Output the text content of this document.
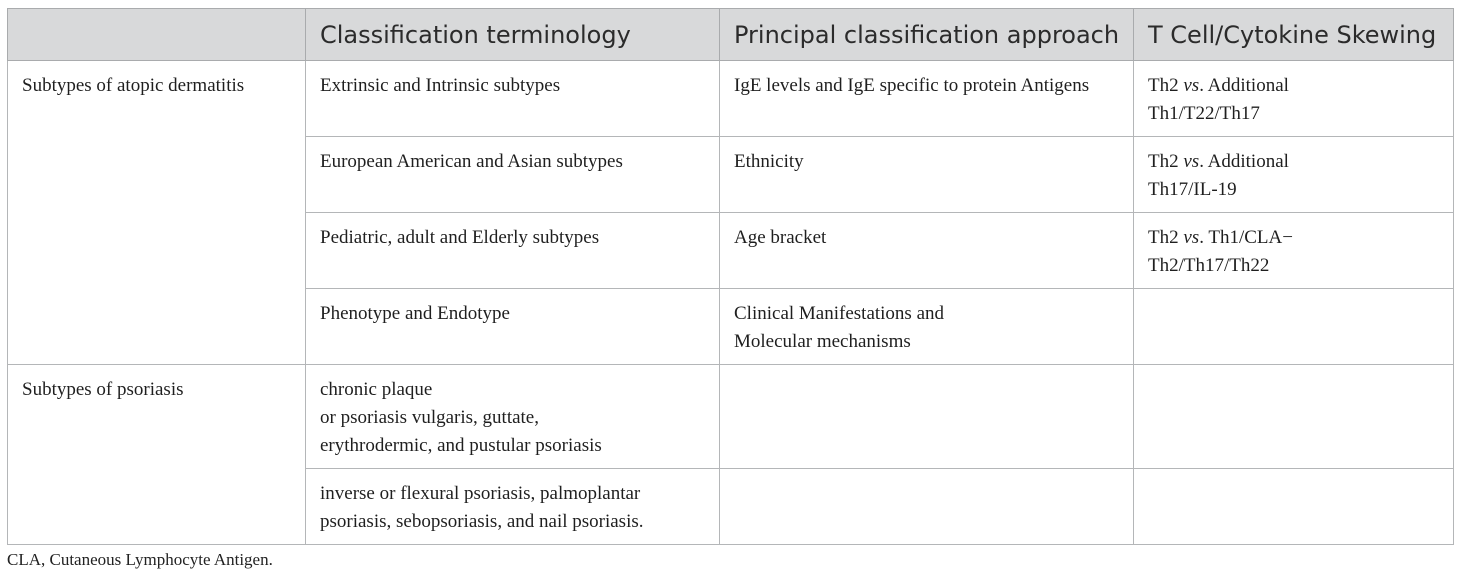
	Classification terminology	Principal classification approach	T Cell/Cytokine Skewing

Subtypes of atopic dermatitis	Extrinsic and Intrinsic subtypes	IgE levels and IgE specific to protein Antigens	Th2 vs. Additional
Th1/T22/Th17

	European American and Asian subtypes	Ethnicity	Th2 vs. Additional
Th17/IL-19

	Pediatric, adult and Elderly subtypes	Age bracket	Th2 vs. Th1/CLA−
Th2/Th17/Th22

	Phenotype and Endotype	Clinical Manifestations and
Molecular mechanisms	

Subtypes of psoriasis	chronic plaque
or psoriasis vulgaris, guttate,
erythrodermic, and pustular psoriasis		

	inverse or flexural psoriasis, palmoplantar
psoriasis, sebopsoriasis, and nail psoriasis.		

CLA, Cutaneous Lymphocyte Antigen.
